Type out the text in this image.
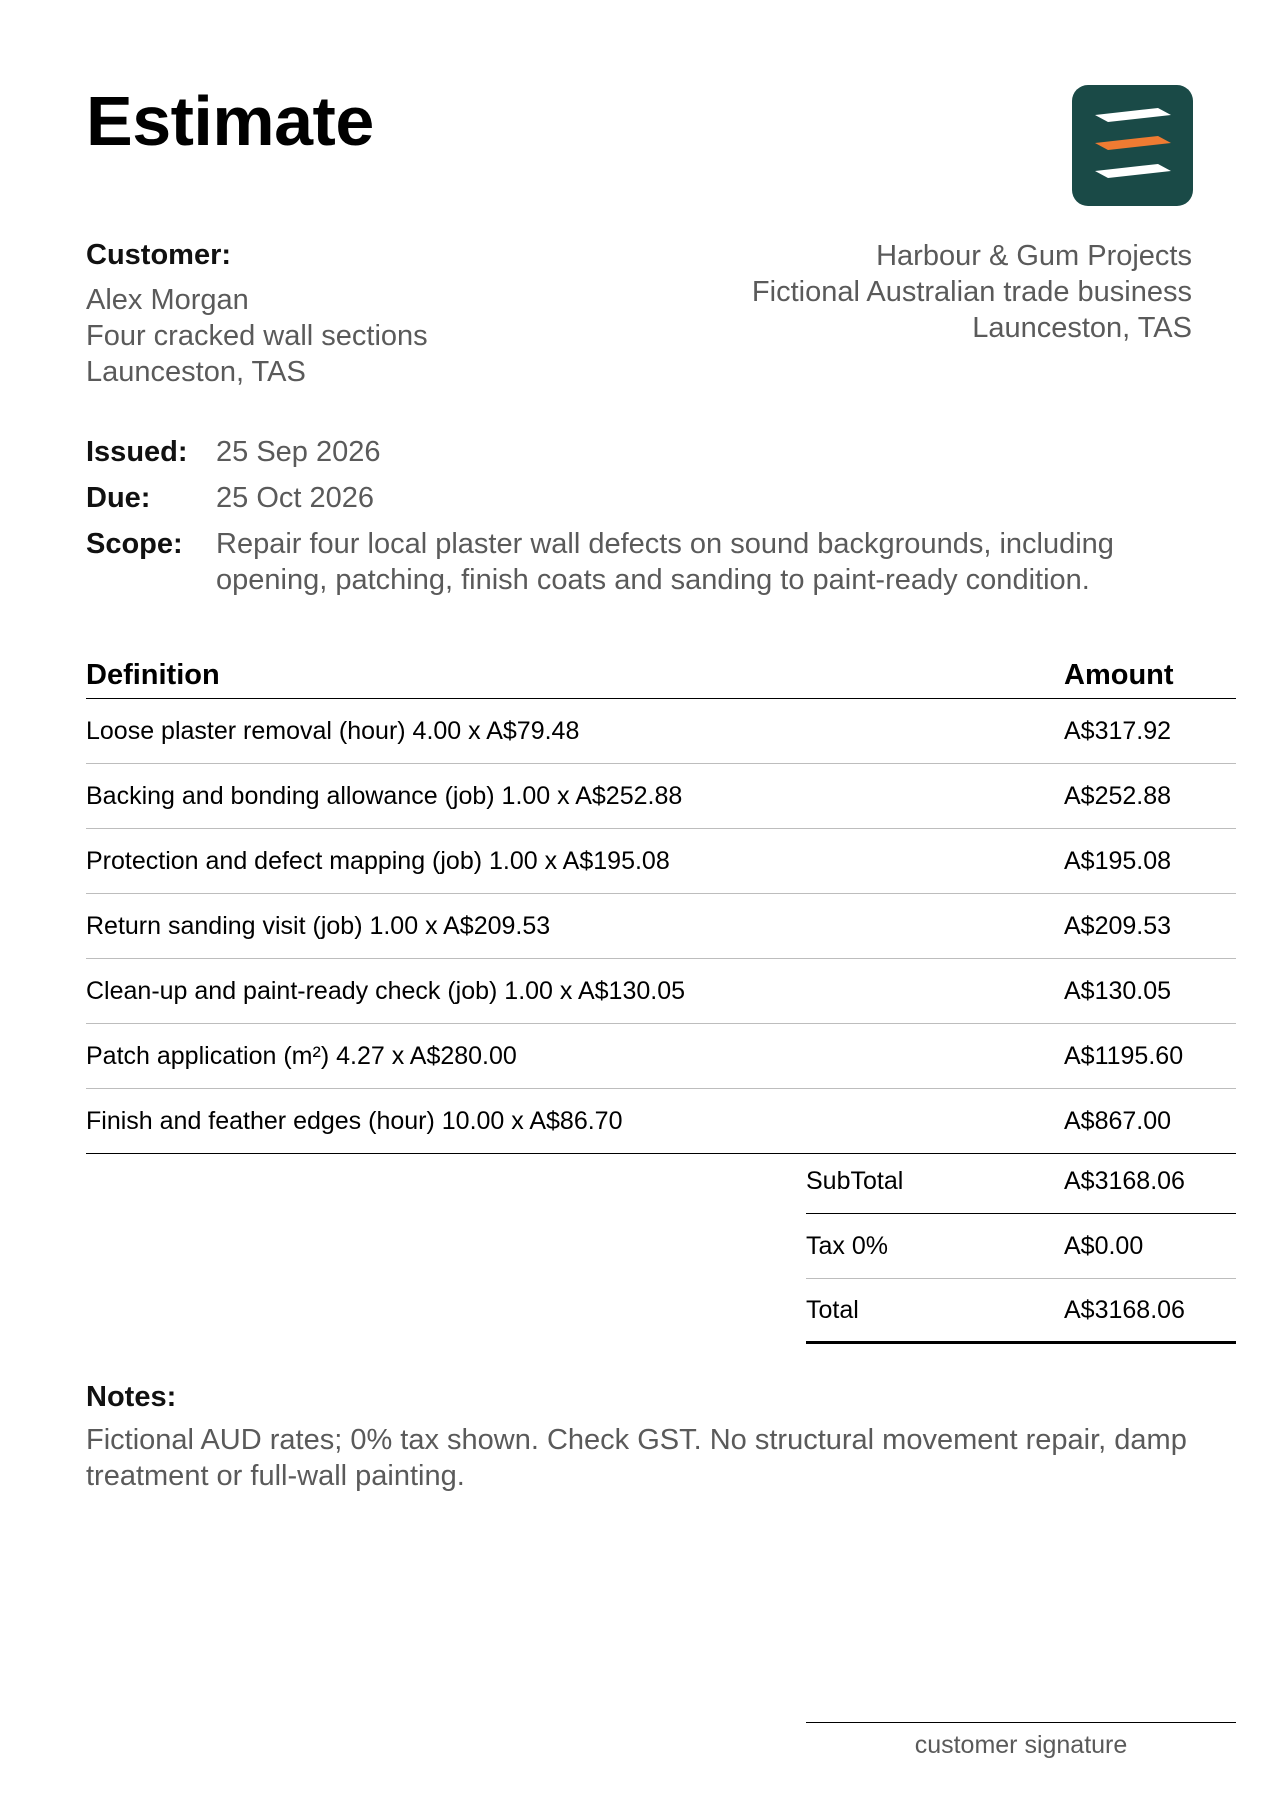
Estimate
Customer:
Alex Morgan
Four cracked wall sections
Launceston, TAS
Harbour & Gum Projects
Fictional Australian trade business
Launceston, TAS
Issued: 25 Sep 2026
Due:	25 Oct 2026
Scope:	Repair four local plaster wall defects on sound backgrounds, including opening, patching, finish coats and sanding to paint-ready condition.
Definition	Amount
Loose plaster removal (hour) 4.00 x A$79.48	A$317.92
Backing and bonding allowance (job) 1.00 x A$252.88	A$252.88
Protection and defect mapping (job) 1.00 x A$195.08	A$195.08
Return sanding visit (job) 1.00 x A$209.53	A$209.53
Clean-up and paint-ready check (job) 1.00 x A$130.05	A$130.05
Patch application (m²) 4.27 x A$280.00	A$1195.60
Finish and feather edges (hour) 10.00 x A$86.70	A$867.00
SubTotal	A$3168.06
Tax 0%	A$0.00
Total	A$3168.06
Notes:
Fictional AUD rates; 0% tax shown. Check GST. No structural movement repair, damp treatment or full-wall painting.
customer signature
